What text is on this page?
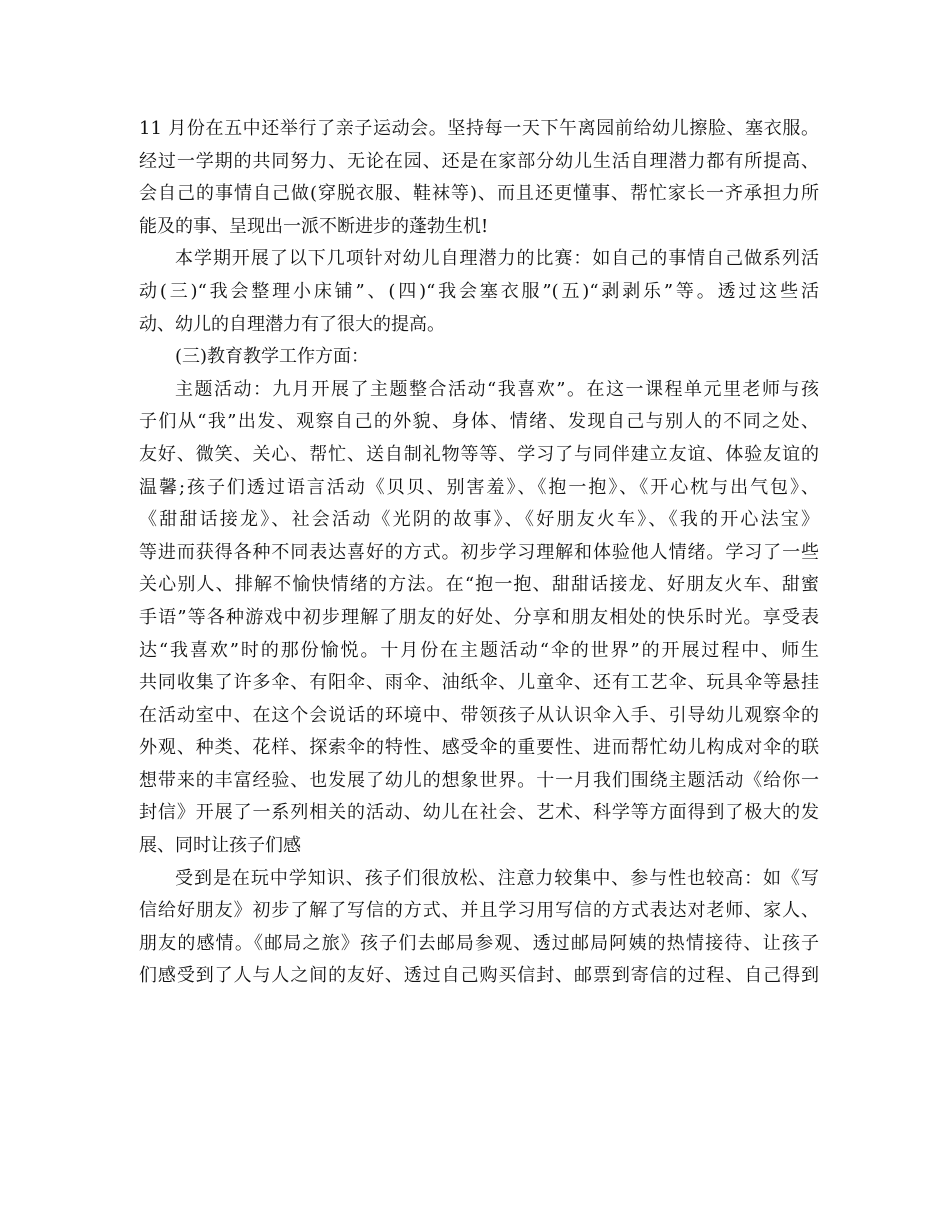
11 月份在五中还举行了亲子运动会。坚持每一天下午离园前给幼儿擦脸、塞衣服。
经过一学期的共同努力、无论在园、还是在家部分幼儿生活自理潜力都有所提高、
会自己的事情自己做(穿脱衣服、鞋袜等)、而且还更懂事、帮忙家长一齐承担力所
能及的事、呈现出一派不断进步的蓬勃生机!
本学期开展了以下几项针对幼儿自理潜力的比赛：如自己的事情自己做系列活
动(三)“我会整理小床铺”、(四)“我会塞衣服”(五)“剥剥乐”等。透过这些活
动、幼儿的自理潜力有了很大的提高。
(三)教育教学工作方面：
主题活动：九月开展了主题整合活动“我喜欢”。在这一课程单元里老师与孩
子们从“我”出发、观察自己的外貌、身体、情绪、发现自己与别人的不同之处、
友好、微笑、关心、帮忙、送自制礼物等等、学习了与同伴建立友谊、体验友谊的
温馨;孩子们透过语言活动《贝贝、别害羞》、《抱一抱》、《开心枕与出气包》、
《甜甜话接龙》、社会活动《光阴的故事》、《好朋友火车》、《我的开心法宝》
等进而获得各种不同表达喜好的方式。初步学习理解和体验他人情绪。学习了一些
关心别人、排解不愉快情绪的方法。在“抱一抱、甜甜话接龙、好朋友火车、甜蜜
手语”等各种游戏中初步理解了朋友的好处、分享和朋友相处的快乐时光。享受表
达“我喜欢”时的那份愉悦。十月份在主题活动“伞的世界”的开展过程中、师生
共同收集了许多伞、有阳伞、雨伞、油纸伞、儿童伞、还有工艺伞、玩具伞等悬挂
在活动室中、在这个会说话的环境中、带领孩子从认识伞入手、引导幼儿观察伞的
外观、种类、花样、探索伞的特性、感受伞的重要性、进而帮忙幼儿构成对伞的联
想带来的丰富经验、也发展了幼儿的想象世界。十一月我们围绕主题活动《给你一
封信》开展了一系列相关的活动、幼儿在社会、艺术、科学等方面得到了极大的发
展、同时让孩子们感
受到是在玩中学知识、孩子们很放松、注意力较集中、参与性也较高：如《写
信给好朋友》初步了解了写信的方式、并且学习用写信的方式表达对老师、家人、
朋友的感情。《邮局之旅》孩子们去邮局参观、透过邮局阿姨的热情接待、让孩子
们感受到了人与人之间的友好、透过自己购买信封、邮票到寄信的过程、自己得到
